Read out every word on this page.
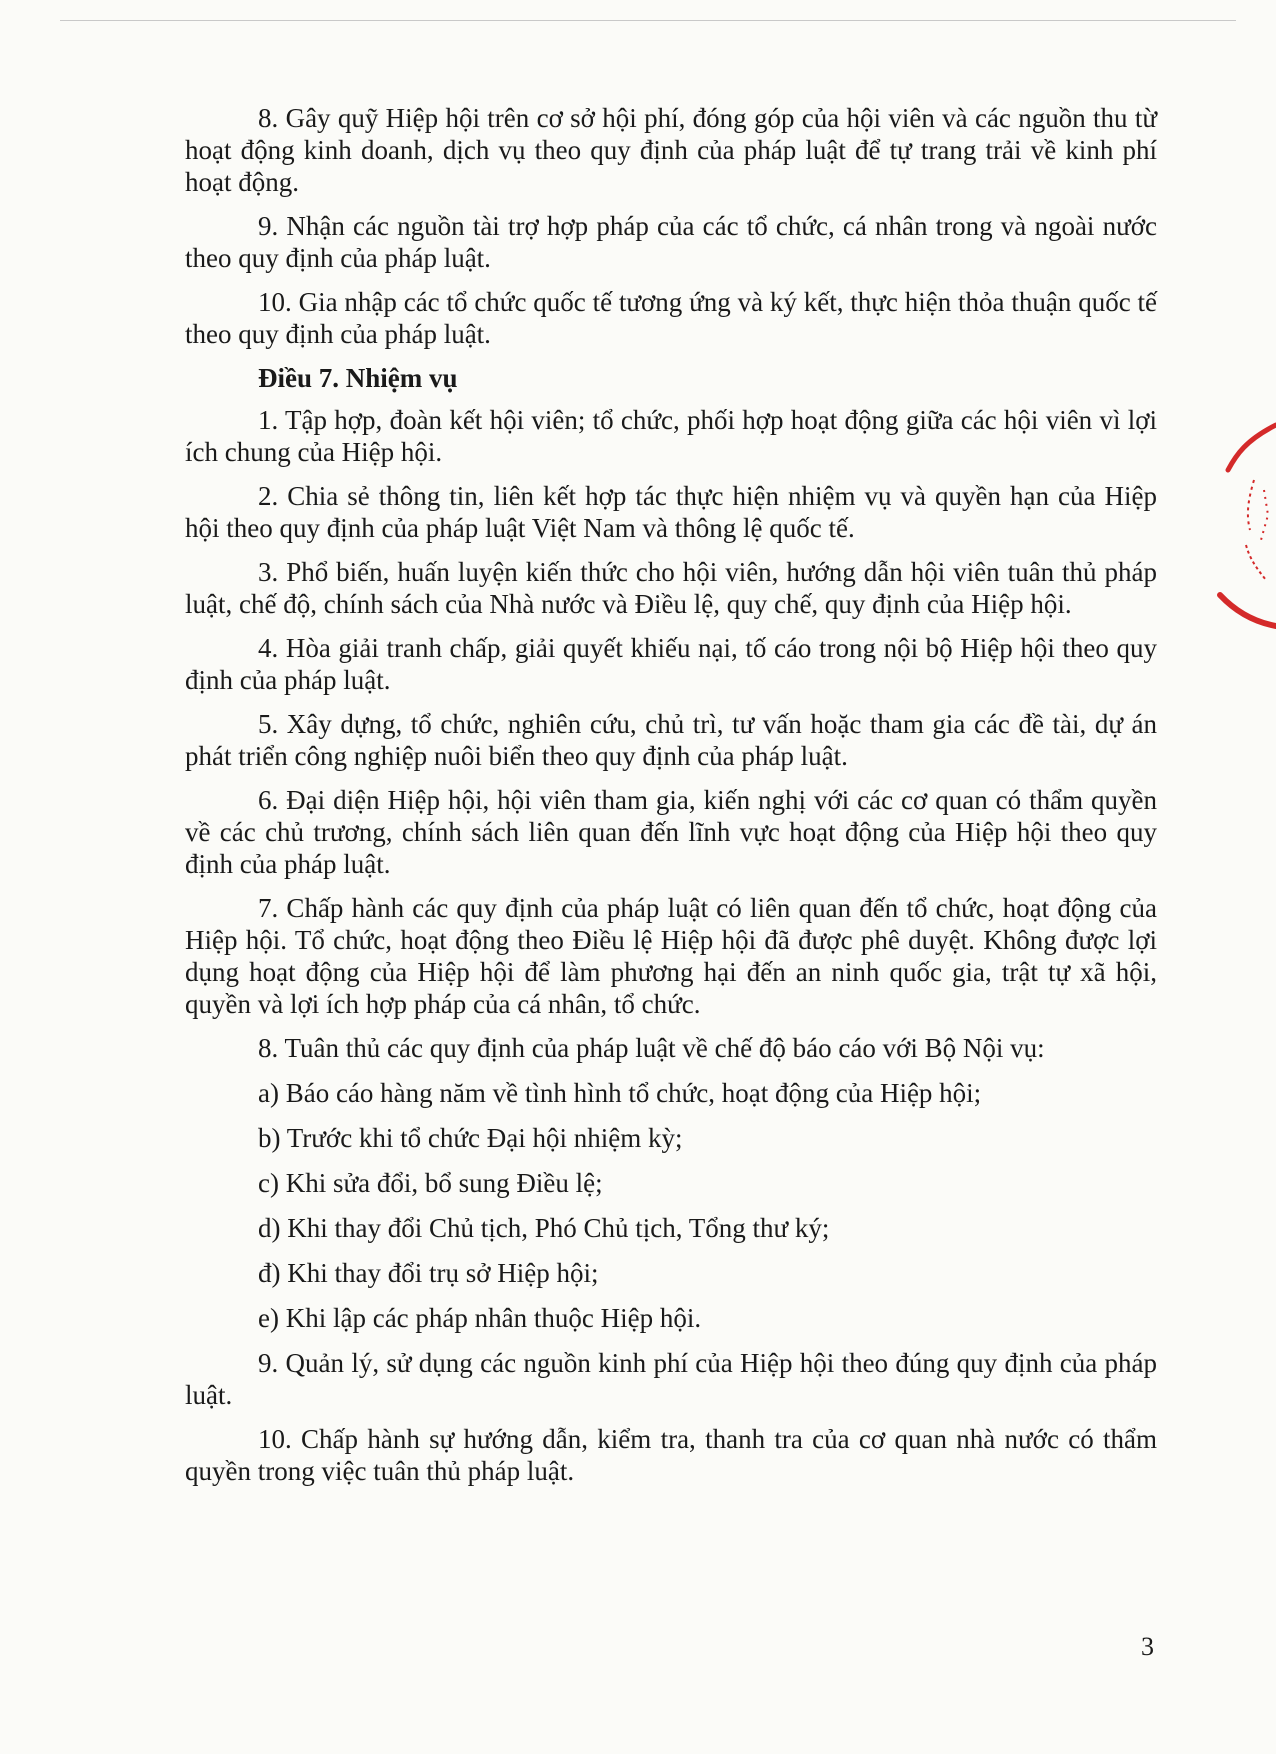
8. Gây quỹ Hiệp hội trên cơ sở hội phí, đóng góp của hội viên và các nguồn thu từ hoạt động kinh doanh, dịch vụ theo quy định của pháp luật để tự trang trải về kinh phí hoạt động.

9. Nhận các nguồn tài trợ hợp pháp của các tổ chức, cá nhân trong và ngoài nước theo quy định của pháp luật.

10. Gia nhập các tổ chức quốc tế tương ứng và ký kết, thực hiện thỏa thuận quốc tế theo quy định của pháp luật.

Điều 7. Nhiệm vụ

1. Tập hợp, đoàn kết hội viên; tổ chức, phối hợp hoạt động giữa các hội viên vì lợi ích chung của Hiệp hội.

2. Chia sẻ thông tin, liên kết hợp tác thực hiện nhiệm vụ và quyền hạn của Hiệp hội theo quy định của pháp luật Việt Nam và thông lệ quốc tế.

3. Phổ biến, huấn luyện kiến thức cho hội viên, hướng dẫn hội viên tuân thủ pháp luật, chế độ, chính sách của Nhà nước và Điều lệ, quy chế, quy định của Hiệp hội.

4. Hòa giải tranh chấp, giải quyết khiếu nại, tố cáo trong nội bộ Hiệp hội theo quy định của pháp luật.

5. Xây dựng, tổ chức, nghiên cứu, chủ trì, tư vấn hoặc tham gia các đề tài, dự án phát triển công nghiệp nuôi biển theo quy định của pháp luật.

6. Đại diện Hiệp hội, hội viên tham gia, kiến nghị với các cơ quan có thẩm quyền về các chủ trương, chính sách liên quan đến lĩnh vực hoạt động của Hiệp hội theo quy định của pháp luật.

7. Chấp hành các quy định của pháp luật có liên quan đến tổ chức, hoạt động của Hiệp hội. Tổ chức, hoạt động theo Điều lệ Hiệp hội đã được phê duyệt. Không được lợi dụng hoạt động của Hiệp hội để làm phương hại đến an ninh quốc gia, trật tự xã hội, quyền và lợi ích hợp pháp của cá nhân, tổ chức.

8. Tuân thủ các quy định của pháp luật về chế độ báo cáo với Bộ Nội vụ:

a) Báo cáo hàng năm về tình hình tổ chức, hoạt động của Hiệp hội;

b) Trước khi tổ chức Đại hội nhiệm kỳ;

c) Khi sửa đổi, bổ sung Điều lệ;

d) Khi thay đổi Chủ tịch, Phó Chủ tịch, Tổng thư ký;

đ) Khi thay đổi trụ sở Hiệp hội;

e) Khi lập các pháp nhân thuộc Hiệp hội.

9. Quản lý, sử dụng các nguồn kinh phí của Hiệp hội theo đúng quy định của pháp luật.

10. Chấp hành sự hướng dẫn, kiểm tra, thanh tra của cơ quan nhà nước có thẩm quyền trong việc tuân thủ pháp luật.

3
